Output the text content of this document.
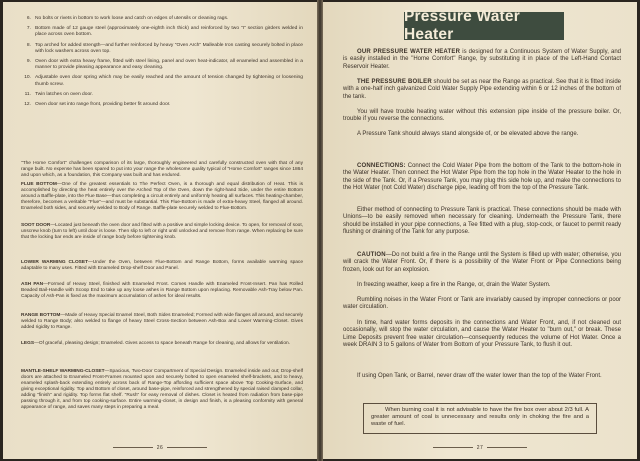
6. No bolts or rivets in bottom to work loose and catch on edges of utensils or cleaning rags.
7. Bottom made of 12 gauge steel (approximately one-eighth inch thick) and reinforced by two "I" section girders welded in place across oven bottom.
8. Top arched for added strength—and further reinforced by heavy "Oven Arch" Malleable Iron casting securely bolted in place with lock washers across oven top.
9. Oven door with extra heavy frame, fitted with steel lining, panel and oven heat-indicator, all enameled and assembled in a manner to provide pleasing appearance and easy cleaning.
10. Adjustable oven door spring which may be easily reached and the amount of tension changed by tightening or loosening thumb screw.
11. Twin latches on oven door.
12. Oven door set into range front, providing better fit around door.

"The Home Comfort" challenges comparison of its large, thoroughly engineered and carefully constructed oven with that of any range built. No expense has been spared to put into your range the wholesome quality typical of "Home Comfort" ranges since 1864 and upon which, as a foundation, this Company was built and has endured.

FLUE BOTTOM—One of the greatest essentials to The Perfect Oven, is a thorough and equal distribution of Heat. This is accomplished by directing the heat entirely over the Arched Top of the Oven, down the right-hand Side, under the entire Bottom around a Baffle-plate, into the Flue Base—thus completing a circuit entirely and uniformly heating all surfaces. This heating-chamber, therefore, becomes a veritable "Flue"—and must be substantial. This Flue-Bottom is made of extra-heavy Steel, flanged all around. Enameled both sides, and securely welded to Body of Range. Baffle-plate securely welded to Flue-Bottom.

SOOT DOOR—Located just beneath the oven door and fitted with a positive and simple locking device. To open, for removal of soot, unscrew knob (turn to left) until door is loose. Then slip to left or right until unlocked and remove from range. When replacing be sure that the locking bar ends are inside of range body before tightening knob.

LOWER WARMING CLOSET—Under the Oven, between Flue-Bottom and Range Bottom, forms available warming space adaptable to many uses. Fitted with Enameled Drop-shelf Door and Panel.

ASH PAN—Formed of Heavy Steel, finished with Enameled Front. Comes Handle with Enameled Front-Insert. Pan has Rolled Beaded Bail-Handle with Scoop End to take up any loose ashes in Range Bottom upon replacing. Removable Ash-Tray below Pan. Capacity of Ash-Pan is fixed as the maximum accumulation of ashes for ideal results.

RANGE BOTTOM—Made of Heavy Special Enamel Steel, Both Sides Enameled; Formed with wide flanges all around, and securely welded to Range Body; also welded to flange of heavy Steel Cross-Section between Ash-Box and Lower Warming-Closet. Gives added rigidity to Range.

LEGS—Of graceful, pleasing design; Enameled. Gives access to space beneath Range for cleaning, and allows for ventilation.

MANTLE-SHELF WARMING-CLOSET—Spacious, Two-Door Compartment of Special Design. Enameled inside and out; Drop-shelf doors are attached to Enameled Front-Frames mounted upon and securely bolted to open enameled shelf-brackets, and to heavy, enameled splash-back extending entirely across back of Range-Top affording sufficient space above Top Cooking-Surface, and giving exceptional rigidity. Top and Bottom of closet, around base-pipe, reinforced and strengthened by special raised clamped collar, adding "finish" and rigidity. Top forms flat shelf. "Rush" for easy removal of dishes. Closet is heated from radiation from base-pipe passing through it, and from top cooking-surface. Entire warming-closet, in design and finish, is a pleasing conformity with general appearance of range, and saves many steps in preparing a meal.

26
Pressure Water Heater

OUR PRESSURE WATER HEATER is designed for a Continuous System of Water Supply, and is easily installed in the "Home Comfort" Range, by substituting it in place of the Left-Hand Contact Reservoir Heater.

THE PRESSURE BOILER should be set as near the Range as practical. See that it is fitted inside with a one-half inch galvanized Cold Water Supply Pipe extending within 6 or 12 inches of the bottom of the tank.

You will have trouble heating water without this extension pipe inside of the pressure boiler. Or, trouble if you reverse the connections.

A Pressure Tank should always stand alongside of, or be elevated above the range.

CONNECTIONS: Connect the Cold Water Pipe from the bottom of the Tank to the bottom-hole in the Water Heater. Then connect the Hot Water Pipe from the top hole in the Water Heater to the hole in the side of the Tank. Or, if a Pressure Tank, you may plug this side hole up, and make the connections to the Hot Water (not Cold Water) discharge pipe, leading off from the top of the Pressure Tank.

Either method of connecting to Pressure Tank is practical. These connections should be made with Unions—to be easily removed when necessary for cleaning. Underneath the Pressure Tank, there should be installed in your pipe connections, a Tee fitted with a plug, stop-cock, or faucet to permit ready flushing or draining of the Tank for any purpose.

CAUTION—Do not build a fire in the Range until the System is filled up with water; otherwise, you will crack the Water Front. Or, if there is a possibility of the Water Front or Pipe Connections being frozen, look out for an explosion.

In freezing weather, keep a fire in the Range, or, drain the Water System.

Rumbling noises in the Water Front or Tank are invariably caused by improper connections or poor water circulation.

In time, hard water forms deposits in the connections and Water Front, and, if not cleaned out occasionally, will stop the water circulation, and cause the Water Heater to "burn out," or break. These Lime Deposits prevent free water circulation—consequently reduces the volume of Hot Water. Once a week DRAIN 3 to 5 gallons of Water from Bottom of your Pressure Tank, to flush it out.

If using Open Tank, or Barrel, never draw off the water lower than the top of the Water Front.

When burning coal it is not advisable to have the fire box over about 2/3 full. A greater amount of coal is unnecessary and results only in choking the fire and a waste of fuel.
27
